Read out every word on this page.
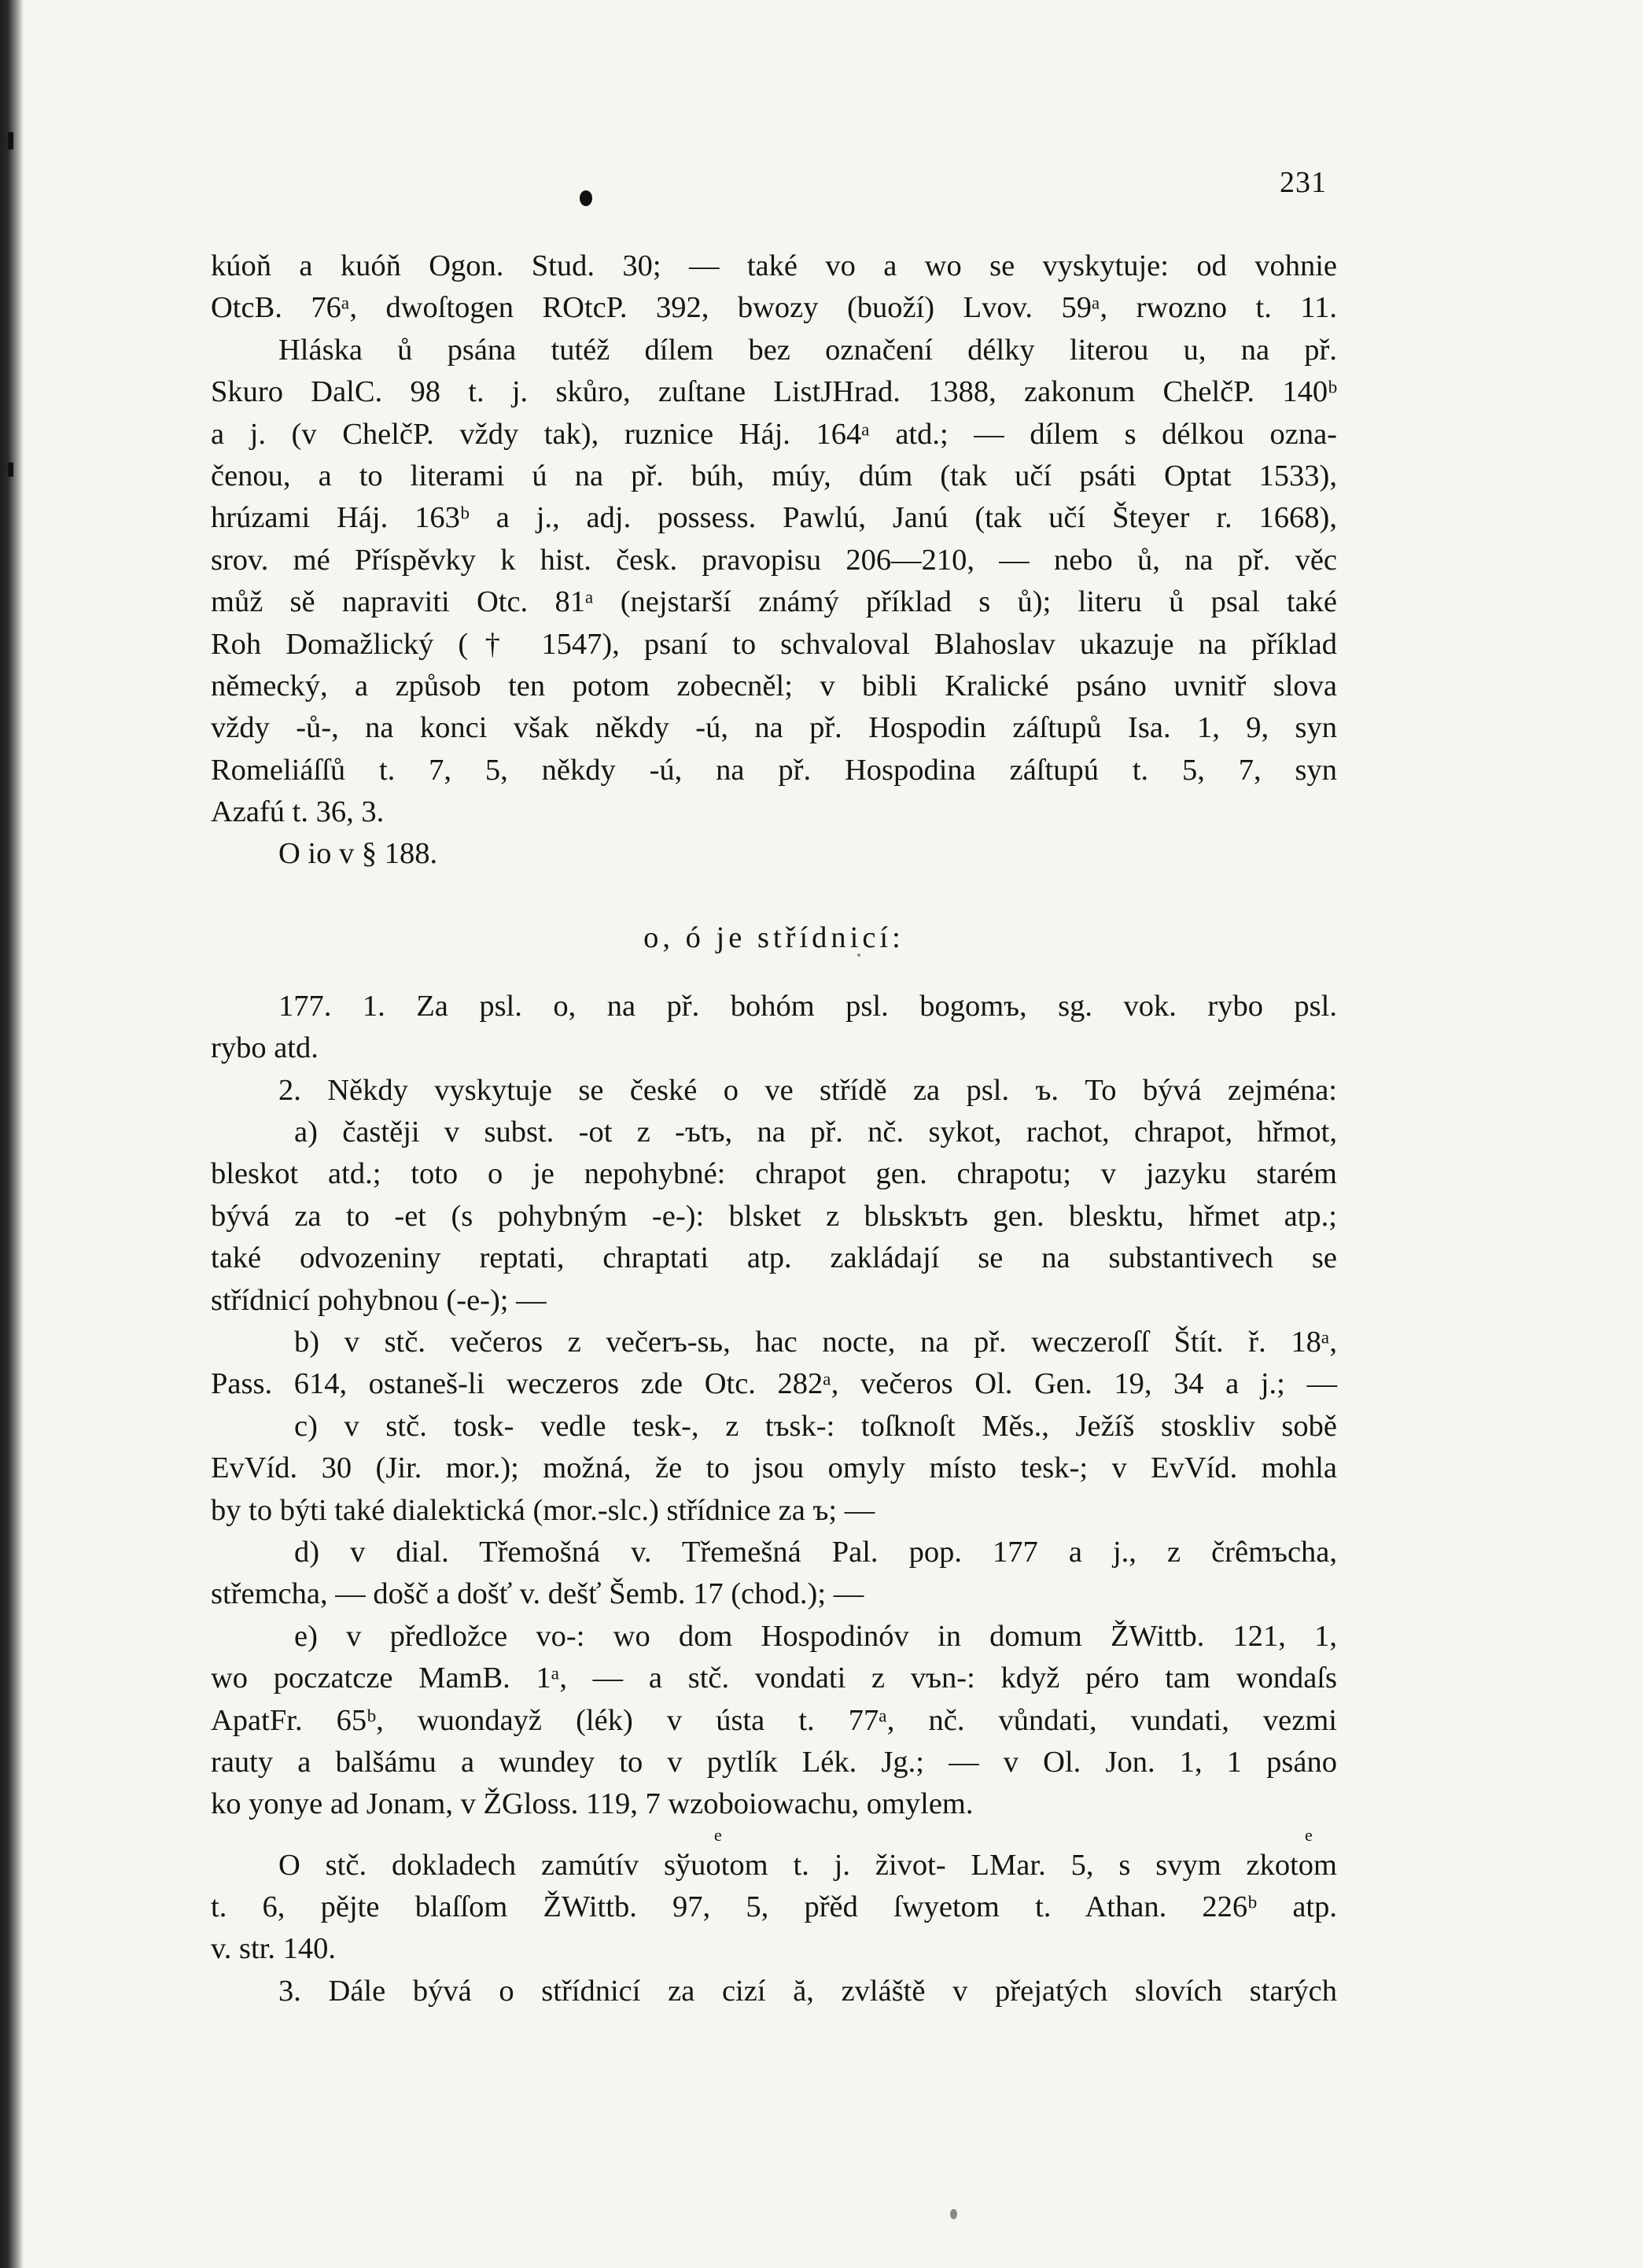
231
kúoň a kuóň Ogon. Stud. 30; — také vo a wo se vyskytuje: od vohnie
OtcB. 76ᵃ, dwoſtogen ROtcP. 392, bwozy (buoží) Lvov. 59ᵃ, rwozno t. 11.
Hláska ů psána tutéž dílem bez označení délky literou u, na př.
Skuro DalC. 98 t. j. skůro, zuſtane ListJHrad. 1388, zakonum ChelčP. 140ᵇ
a j. (v ChelčP. vždy tak), ruznice Háj. 164ᵃ atd.; — dílem s délkou ozna-
čenou, a to literami ú na př. búh, múy, dúm (tak učí psáti Optat 1533),
hrúzami Háj. 163ᵇ a j., adj. possess. Pawlú, Janú (tak učí Šteyer r. 1668),
srov. mé Příspěvky k hist. česk. pravopisu 206—210, — nebo ů, na př. věc
můž sě napraviti Otc. 81ᵃ (nejstarší známý příklad s ů); literu ů psal také
Roh Domažlický († 1547), psaní to schvaloval Blahoslav ukazuje na příklad
německý, a způsob ten potom zobecněl; v bibli Kralické psáno uvnitř slova
vždy -ů-, na konci však někdy -ú, na př. Hospodin záſtupů Isa. 1, 9, syn
Romeliáſſů t. 7, 5, někdy -ú, na př. Hospodina záſtupú t. 5, 7, syn
Azafú t. 36, 3.
O io v § 188.
o, ó je střídnicí:
177. 1. Za psl. o, na př. bohóm psl. bogomъ, sg. vok. rybo psl.
rybo atd.
2. Někdy vyskytuje se české o ve střídě za psl. ъ. To bývá zejména:
a) častěji v subst. -ot z -ъtъ, na př. nč. sykot, rachot, chrapot, hřmot,
bleskot atd.; toto o je nepohybné: chrapot gen. chrapotu; v jazyku starém
bývá za to -et (s pohybným -e-): blsket z blьskъtъ gen. blesktu, hřmet atp.;
také odvozeniny reptati, chraptati atp. zakládají se na substantivech se
střídnicí pohybnou (-e-); —
b) v stč. večeros z večerъ-sь, hac nocte, na př. weczeroſſ Štít. ř. 18ᵃ,
Pass. 614, ostaneš-li weczeros zde Otc. 282ᵃ, večeros Ol. Gen. 19, 34 a j.; —
c) v stč. tosk- vedle tesk-, z tъsk-: toſknoſt Měs., Ježíš stoskliv sobě
EvVíd. 30 (Jir. mor.); možná, že to jsou omyly místo tesk-; v EvVíd. mohla
by to býti také dialektická (mor.-slc.) střídnice za ъ; —
d) v dial. Třemošná v. Třemešná Pal. pop. 177 a j., z črêmъcha,
střemcha, — došč a došť v. dešť Šemb. 17 (chod.); —
e) v předložce vo-: wo dom Hospodinóv in domum ŽWittb. 121, 1,
wo poczatcze MamB. 1ᵃ, — a stč. vondati z vъn-: když péro tam wondaſs
ApatFr. 65ᵇ, wuondayž (lék) v ústa t. 77ᵃ, nč. vůndati, vundati, vezmi
rauty a balšámu a wundey to v pytlík Lék. Jg.; — v Ol. Jon. 1, 1 psáno
ko yonye ad Jonam, v ŽGloss. 119, 7 wzoboiowachu, omylem.
e	e
O stč. dokladech zamútív sўuotom t. j. život- LMar. 5, s svym zkotom
t. 6, pějte blaſſom ŽWittb. 97, 5, přěd ſwyetom t. Athan. 226ᵇ atp.
v. str. 140.
3. Dále bývá o střídnicí za cizí ă, zvláště v přejatých slovích starých
